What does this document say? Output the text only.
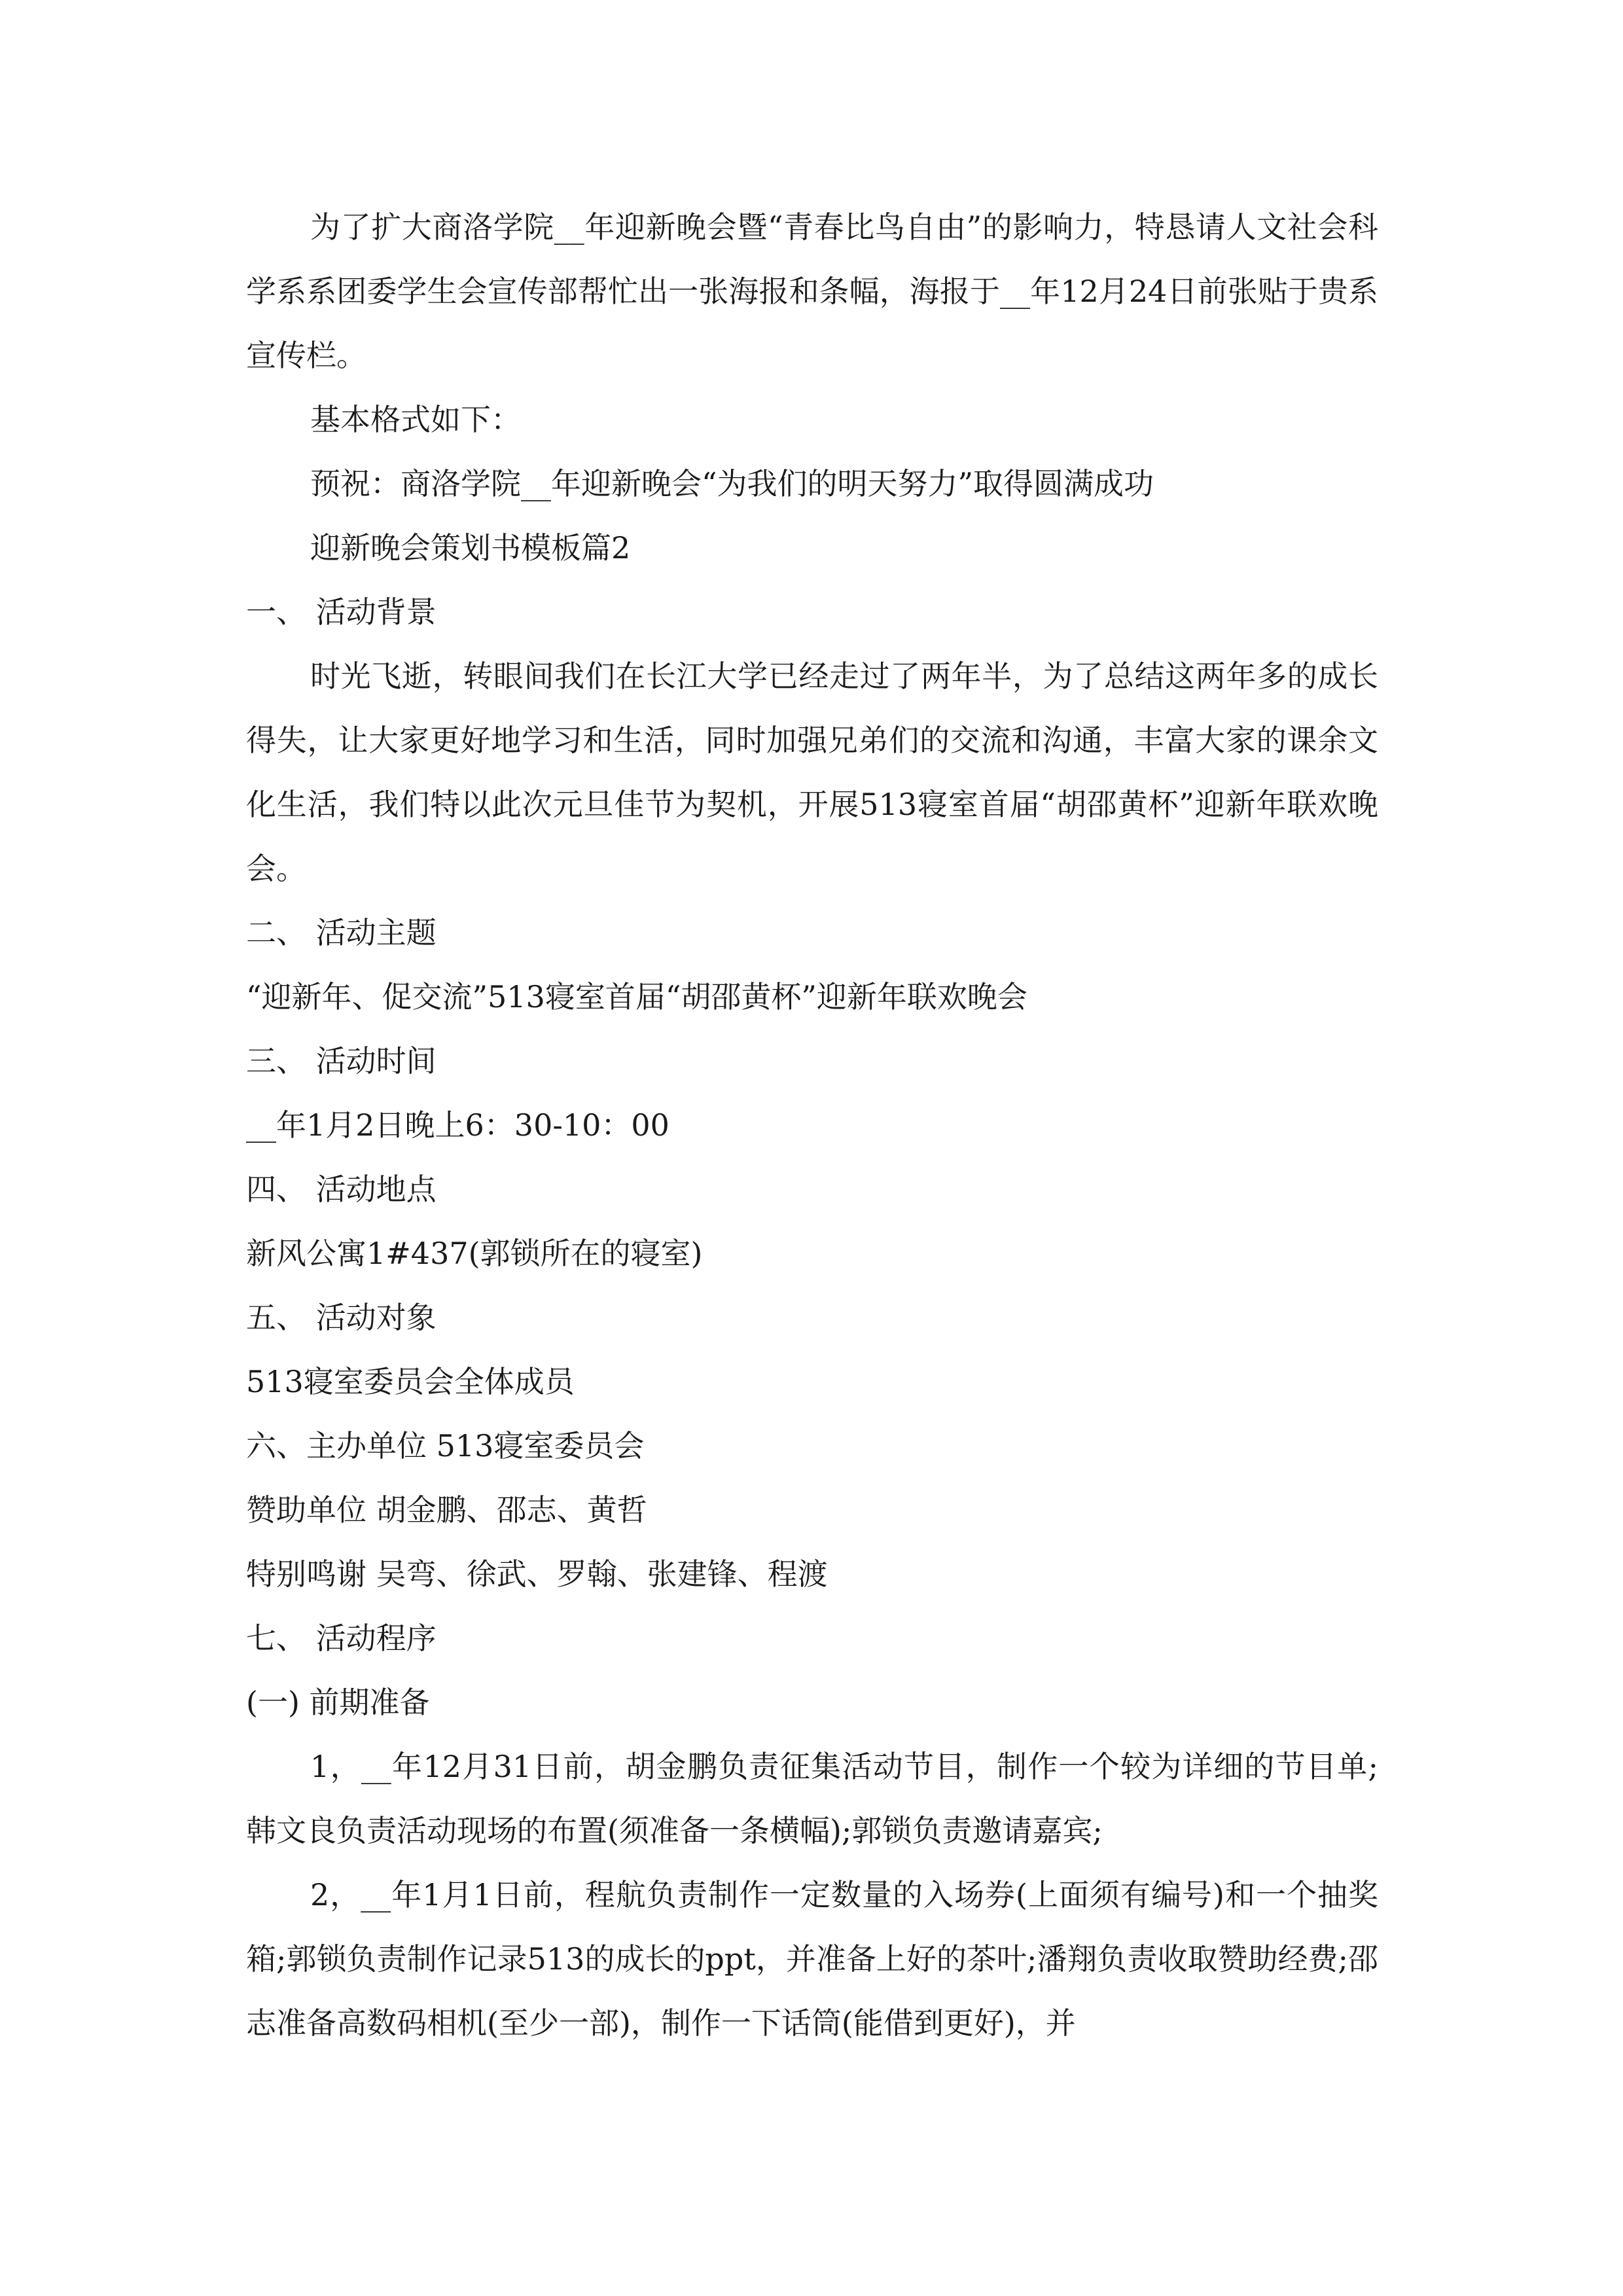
为了扩大商洛学院__年迎新晚会暨“青春比鸟自由”的影响力，特恳请人文社会科学系系团委学生会宣传部帮忙出一张海报和条幅，海报于__年12月24日前张贴于贵系宣传栏。

基本格式如下：

预祝：商洛学院__年迎新晚会“为我们的明天努力”取得圆满成功

迎新晚会策划书模板篇2

一、 活动背景

时光飞逝，转眼间我们在长江大学已经走过了两年半，为了总结这两年多的成长得失，让大家更好地学习和生活，同时加强兄弟们的交流和沟通，丰富大家的课余文化生活，我们特以此次元旦佳节为契机，开展513寝室首届“胡邵黄杯”迎新年联欢晚会。

二、 活动主题

“迎新年、促交流”513寝室首届“胡邵黄杯”迎新年联欢晚会

三、 活动时间

__年1月2日晚上6：30-10：00

四、 活动地点

新风公寓1#437(郭锁所在的寝室)

五、 活动对象

513寝室委员会全体成员

六、主办单位 513寝室委员会

赞助单位 胡金鹏、邵志、黄哲

特别鸣谢 吴弯、徐武、罗翰、张建锋、程渡

七、 活动程序

(一) 前期准备

1，__年12月31日前，胡金鹏负责征集活动节目，制作一个较为详细的节目单;韩文良负责活动现场的布置(须准备一条横幅);郭锁负责邀请嘉宾;

2，__年1月1日前，程航负责制作一定数量的入场券(上面须有编号)和一个抽奖箱;郭锁负责制作记录513的成长的ppt，并准备上好的茶叶;潘翔负责收取赞助经费;邵志准备高数码相机(至少一部)，制作一下话筒(能借到更好)，并
